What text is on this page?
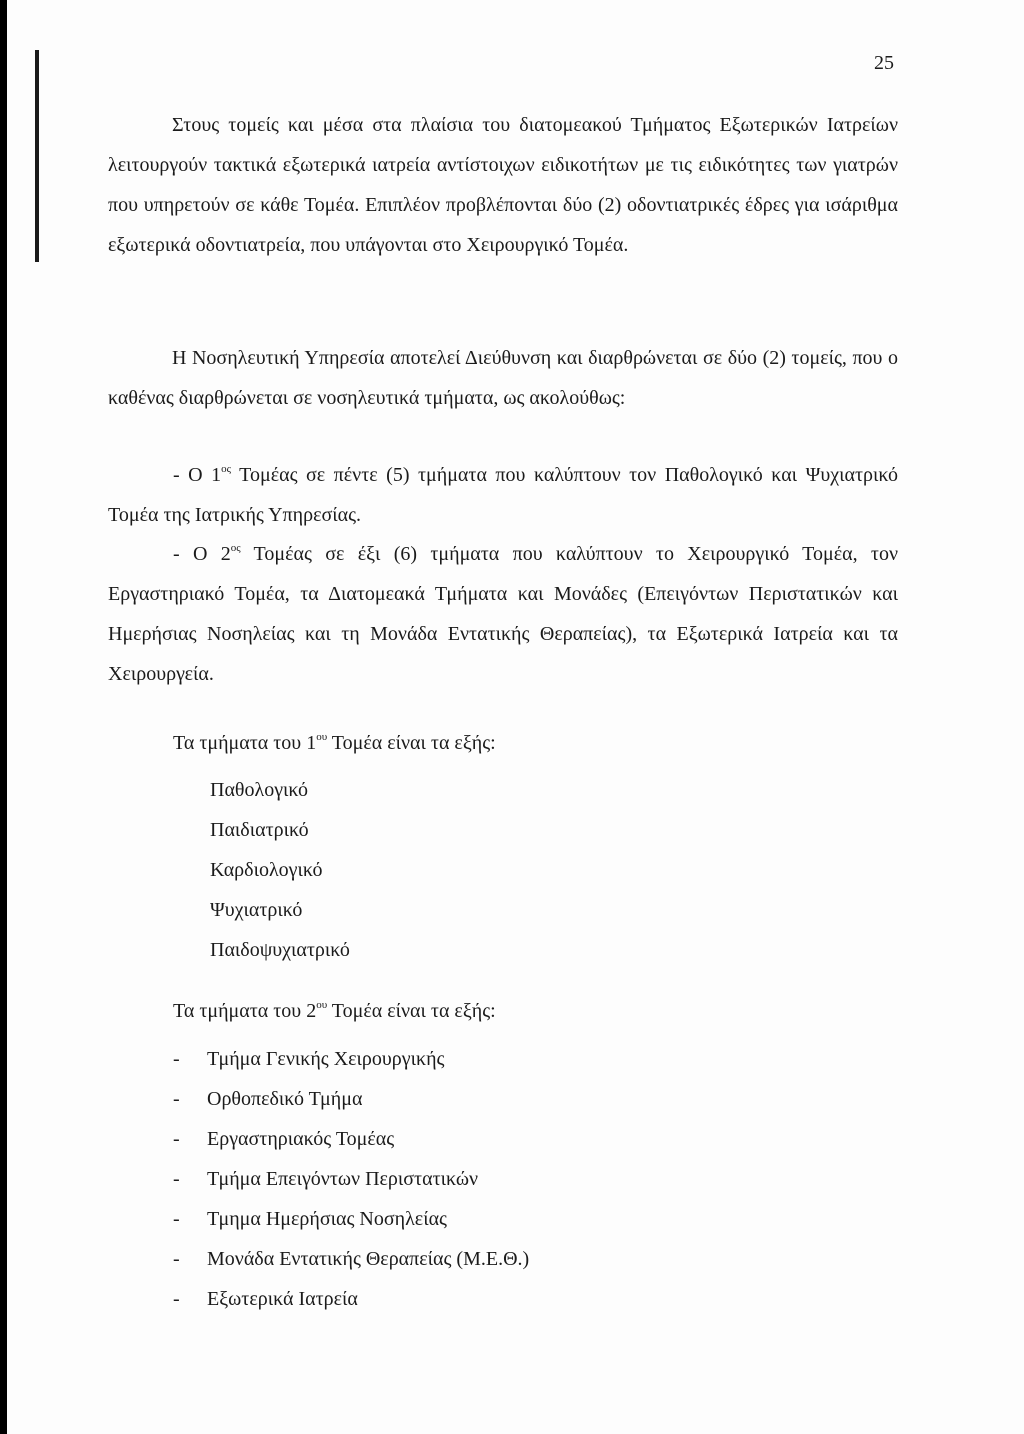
25

Στους τομείς και μέσα στα πλαίσια του διατομεακού Τμήματος Εξωτερικών Ιατρείων λειτουργούν τακτικά εξωτερικά ιατρεία αντίστοιχων ειδικοτήτων με τις ειδικότητες των γιατρών που υπηρετούν σε κάθε Τομέα. Επιπλέον προβλέπονται δύο (2) οδοντιατρικές έδρες για ισάριθμα εξωτερικά οδοντιατρεία, που υπάγονται στο Χειρουργικό Τομέα.

Η Νοσηλευτική Υπηρεσία αποτελεί Διεύθυνση και διαρθρώνεται σε δύο (2) τομείς, που ο καθένας διαρθρώνεται σε νοσηλευτικά τμήματα, ως ακολούθως:

- Ο $1^{o\varsigma}$ Τομέας σε πέντε (5) τμήματα που καλύπτουν τον Παθολογικό και Ψυχιατρικό Τομέα της Ιατρικής Υπηρεσίας.

- Ο $2^{o\varsigma}$ Τομέας σε έξι (6) τμήματα που καλύπτουν το Χειρουργικό Τομέα, τον Εργαστηριακό Τομέα, τα Διατομεακά Τμήματα και Μονάδες (Επειγόντων Περιστατικών και Ημερήσιας Νοσηλείας και τη Μονάδα Εντατικής Θεραπείας), τα Εξωτερικά Ιατρεία και τα Χειρουργεία.

Τα τμήματα του $1^{o\upsilon}$ Τομέα είναι τα εξής:

Παθολογικό
Παιδιατρικό
Καρδιολογικό
Ψυχιατρικό
Παιδοψυχιατρικό

Τα τμήματα του $2^{o\upsilon}$ Τομέα είναι τα εξής:

- Τμήμα Γενικής Χειρουργικής
- Ορθοπεδικό Τμήμα
- Εργαστηριακός Τομέας
- Τμήμα Επειγόντων Περιστατικών
- Τμημα Ημερήσιας Νοσηλείας
- Μονάδα Εντατικής Θεραπείας (Μ.Ε.Θ.)
- Εξωτερικά Ιατρεία
